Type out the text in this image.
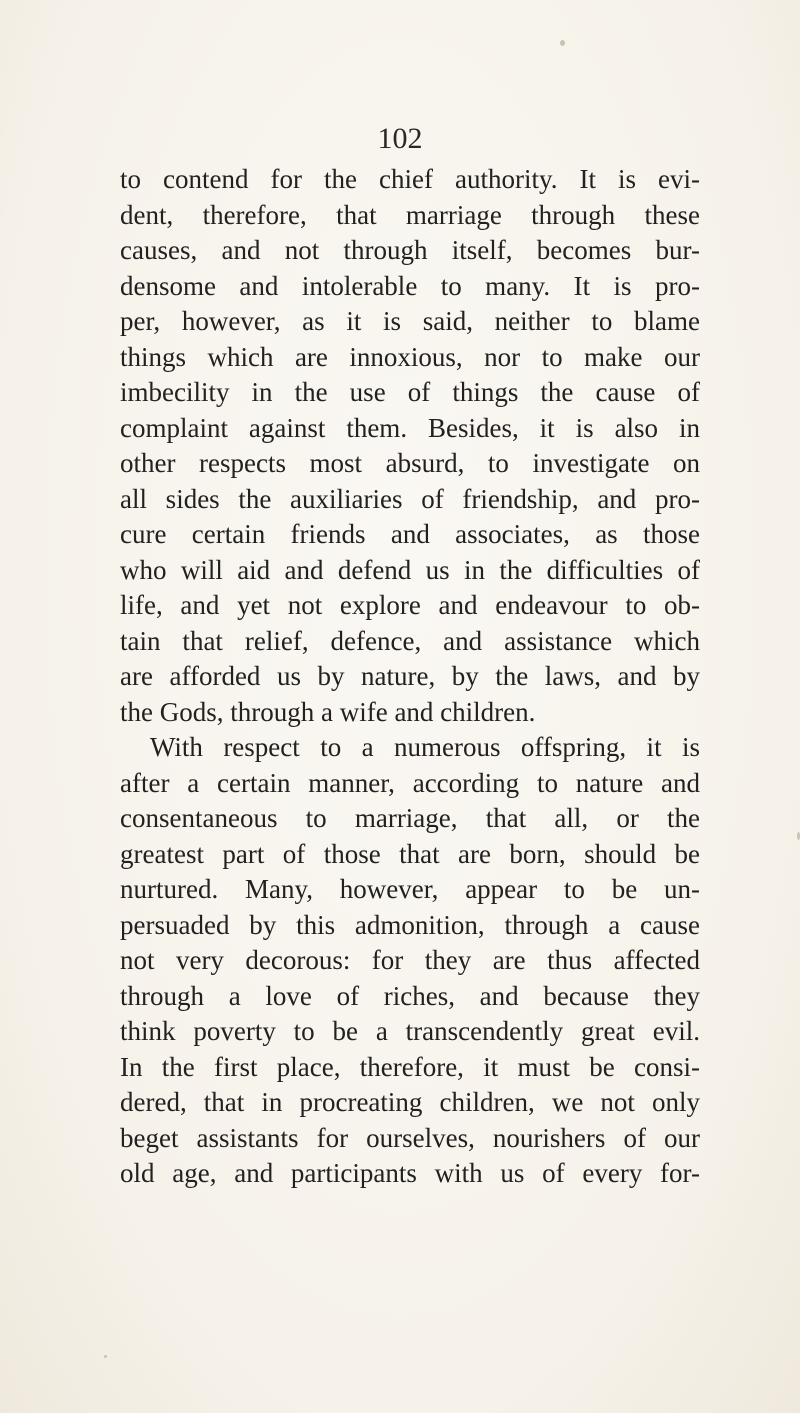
102
to contend for the chief authority. It is evi-
dent, therefore, that marriage through these
causes, and not through itself, becomes bur-
densome and intolerable to many. It is pro-
per, however, as it is said, neither to blame
things which are innoxious, nor to make our
imbecility in the use of things the cause of
complaint against them. Besides, it is also in
other respects most absurd, to investigate on
all sides the auxiliaries of friendship, and pro-
cure certain friends and associates, as those
who will aid and defend us in the difficulties of
life, and yet not explore and endeavour to ob-
tain that relief, defence, and assistance which
are afforded us by nature, by the laws, and by
the Gods, through a wife and children.
With respect to a numerous offspring, it is
after a certain manner, according to nature and
consentaneous to marriage, that all, or the
greatest part of those that are born, should be
nurtured. Many, however, appear to be un-
persuaded by this admonition, through a cause
not very decorous: for they are thus affected
through a love of riches, and because they
think poverty to be a transcendently great evil.
In the first place, therefore, it must be consi-
dered, that in procreating children, we not only
beget assistants for ourselves, nourishers of our
old age, and participants with us of every for-
